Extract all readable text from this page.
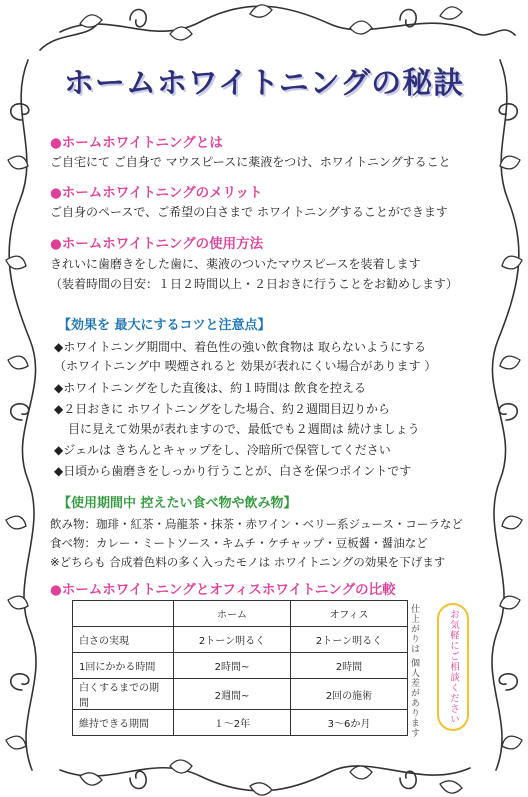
ホームホワイトニングの秘訣
●ホームホワイトニングとは
ご自宅にて ご自身で マウスピースに薬液をつけ、ホワイトニングすること
●ホームホワイトニングのメリット
ご自身のペースで、ご希望の白さまで ホワイトニングすることができます
●ホームホワイトニングの使用方法
きれいに歯磨きをした歯に、薬液のついたマウスピースを装着します
（装着時間の目安：１日２時間以上・２日おきに行うことをお勧めします）
【効果を 最大にするコツと注意点】
◆ホワイトニング期間中、着色性の強い飲食物は 取らないようにする
（ホワイトニング中 喫煙されると 効果が表れにくい場合があります ）
◆ホワイトニングをした直後は、約１時間は 飲食を控える
◆２日おきに ホワイトニングをした場合、約２週間目辺りから
目に見えて効果が表れますので、最低でも２週間は 続けましょう
◆ジェルは きちんとキャップをし、冷暗所で保管してください
◆日頃から歯磨きをしっかり行うことが、白さを保つポイントです
【使用期間中 控えたい食べ物や飲み物】
飲み物：珈琲・紅茶・烏龍茶・抹茶・赤ワイン・ベリー系ジュース・コーラなど
食べ物：カレー・ミートソース・キムチ・ケチャップ・豆板醤・醤油など
※どちらも 合成着色料の多く入ったモノは ホワイトニングの効果を下げます
●ホームホワイトニングとオフィスホワイトニングの比較
	ホーム	オフィス
白さの実現	2トーン明るく	2トーン明るく
1回にかかる時間	2時間~	2時間
白くするまでの期間	2週間~	2回の施術
維持できる期間	１～2年	3～6か月	仕上がりは 個人差があります	お気軽にご相談ください
